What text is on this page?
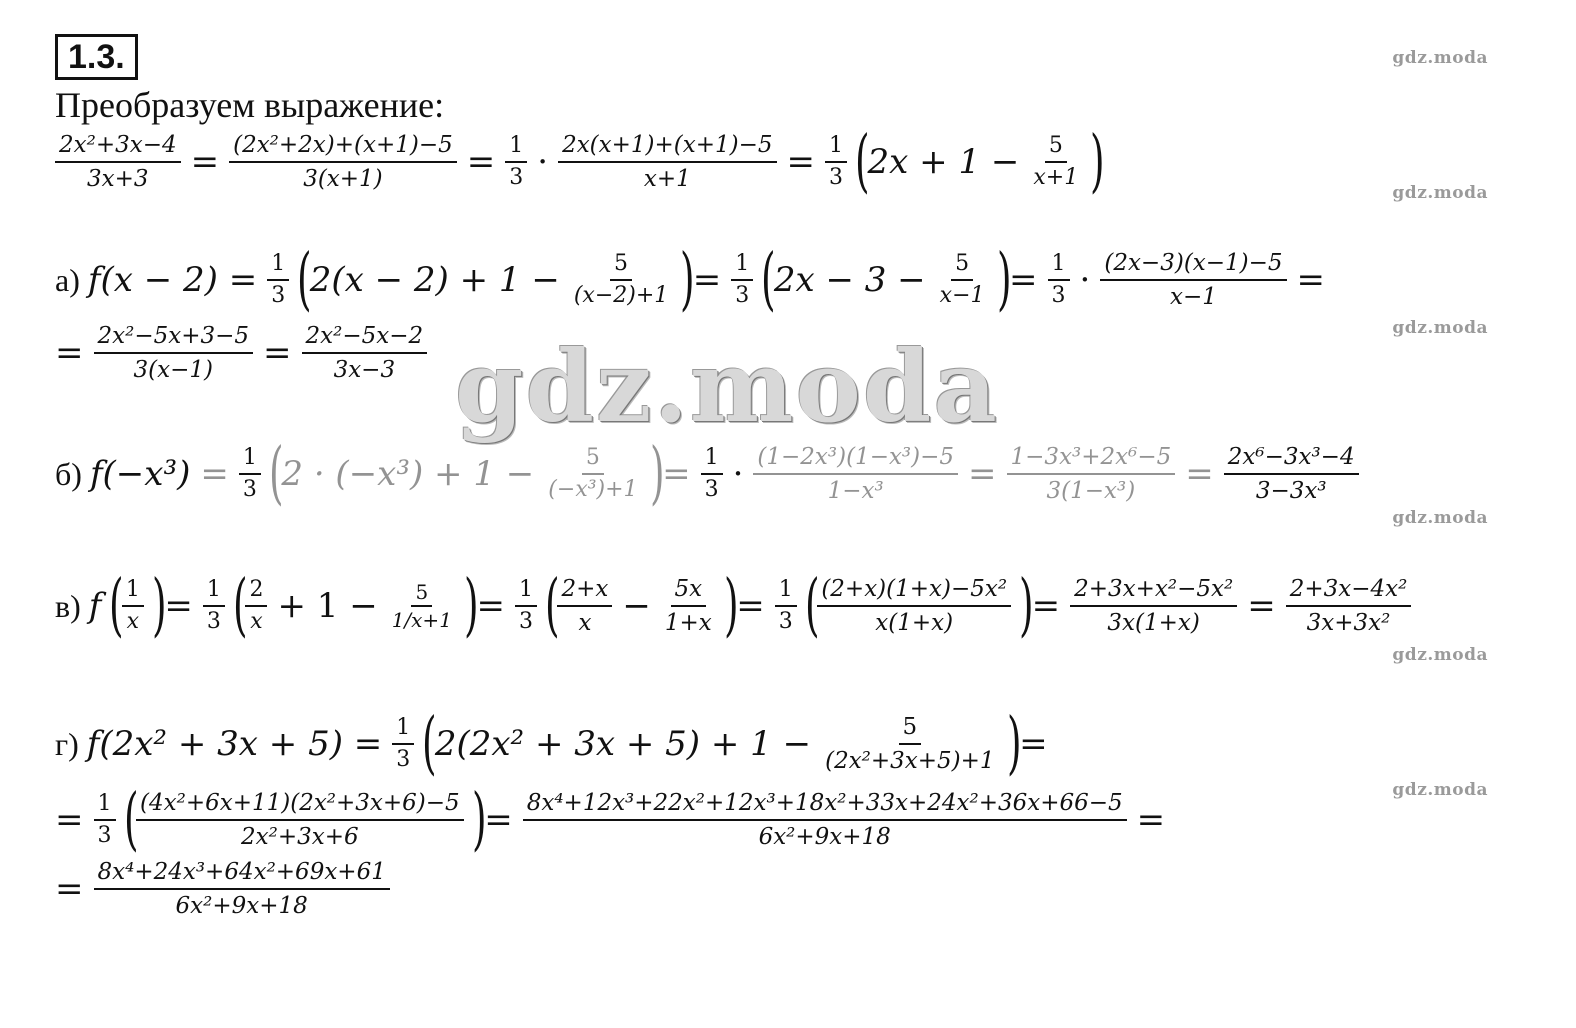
1.3.
Преобразуем выражение:
$\frac{\text{2x²+3x−4}}{3x+3} = \frac{\text{(2x²+2x)+(x+1)−5}}{3(x+1)} = \frac{1}{3} \cdot \frac{2x(x+1)+(x+1)-5}{x+1} = \frac{1}{3}$ (
$2x + 1 - \frac{5}{x+1}$ )
а) $f(x - 2) = \frac{1}{3}$ (
$2(x - 2) + 1 - \frac{5}{(x-2)+1}$ )
= $\frac{1}{3}$ (
$2x - 3 - \frac{5}{x-1}$ )
= $\frac{1}{3} \cdot \frac{(2x-3)(x-1)-5}{x-1}$ =
= $\frac{\text{2x²−5x+3−5}}{3(x-1)} = \frac{\text{2x²−5x−2}}{3x-3}$ gdz.moda
б) $f(-x^3) = \frac{1}{3}$ (
$2 \cdot (-x^3) + 1 - \frac{5}{\text{(−x³)+1}}$ )
= $\frac{1}{3} \cdot \frac{\text{(1−2x³)(1−x³)−5}}{\text{1−x³}} = \frac{\text{1−3x³+2x⁶−5}}{\text{3(1−x³)}} = \frac{\text{2x⁶−3x³−4}}{\text{3−3x³}}$
в) f (
$\frac{1}{x}$ )
= $\frac{1}{3}$ (
$\frac{2}{x} + 1 - \frac{5}{1/x+1}$ )
= $\frac{1}{3}$ (
$\frac{2+x}{x} - \frac{5x}{1+x}$ )
= $\frac{1}{3}$ (
$\frac{\text{(2+x)(1+x)−5x²}}{x(1+x)}$ )
= $\frac{\text{2+3x+x²−5x²}}{3x(1+x)} = \frac{\text{2+3x−4x²}}{\text{3x+3x²}}$
г) $f(2x^2 + 3x + 5) = \frac{1}{3}$ (
$2(2x^2 + 3x + 5) + 1 - \frac{5}{\text{(2x²+3x+5)+1}}$ )
=
= $\frac{1}{3}$ (
$\frac{\text{(4x²+6x+11)(2x²+3x+6)−5}}{\text{2x²+3x+6}}$ )
= $\frac{\text{8x⁴+12x³+22x²+12x³+18x²+33x+24x²+36x+66−5}}{\text{6x²+9x+18}}$ =
= $\frac{\text{8x⁴+24x³+64x²+69x+61}}{\text{6x²+9x+18}}$
gdz.moda
gdz.moda
gdz.moda
gdz.moda
gdz.moda
gdz.moda
